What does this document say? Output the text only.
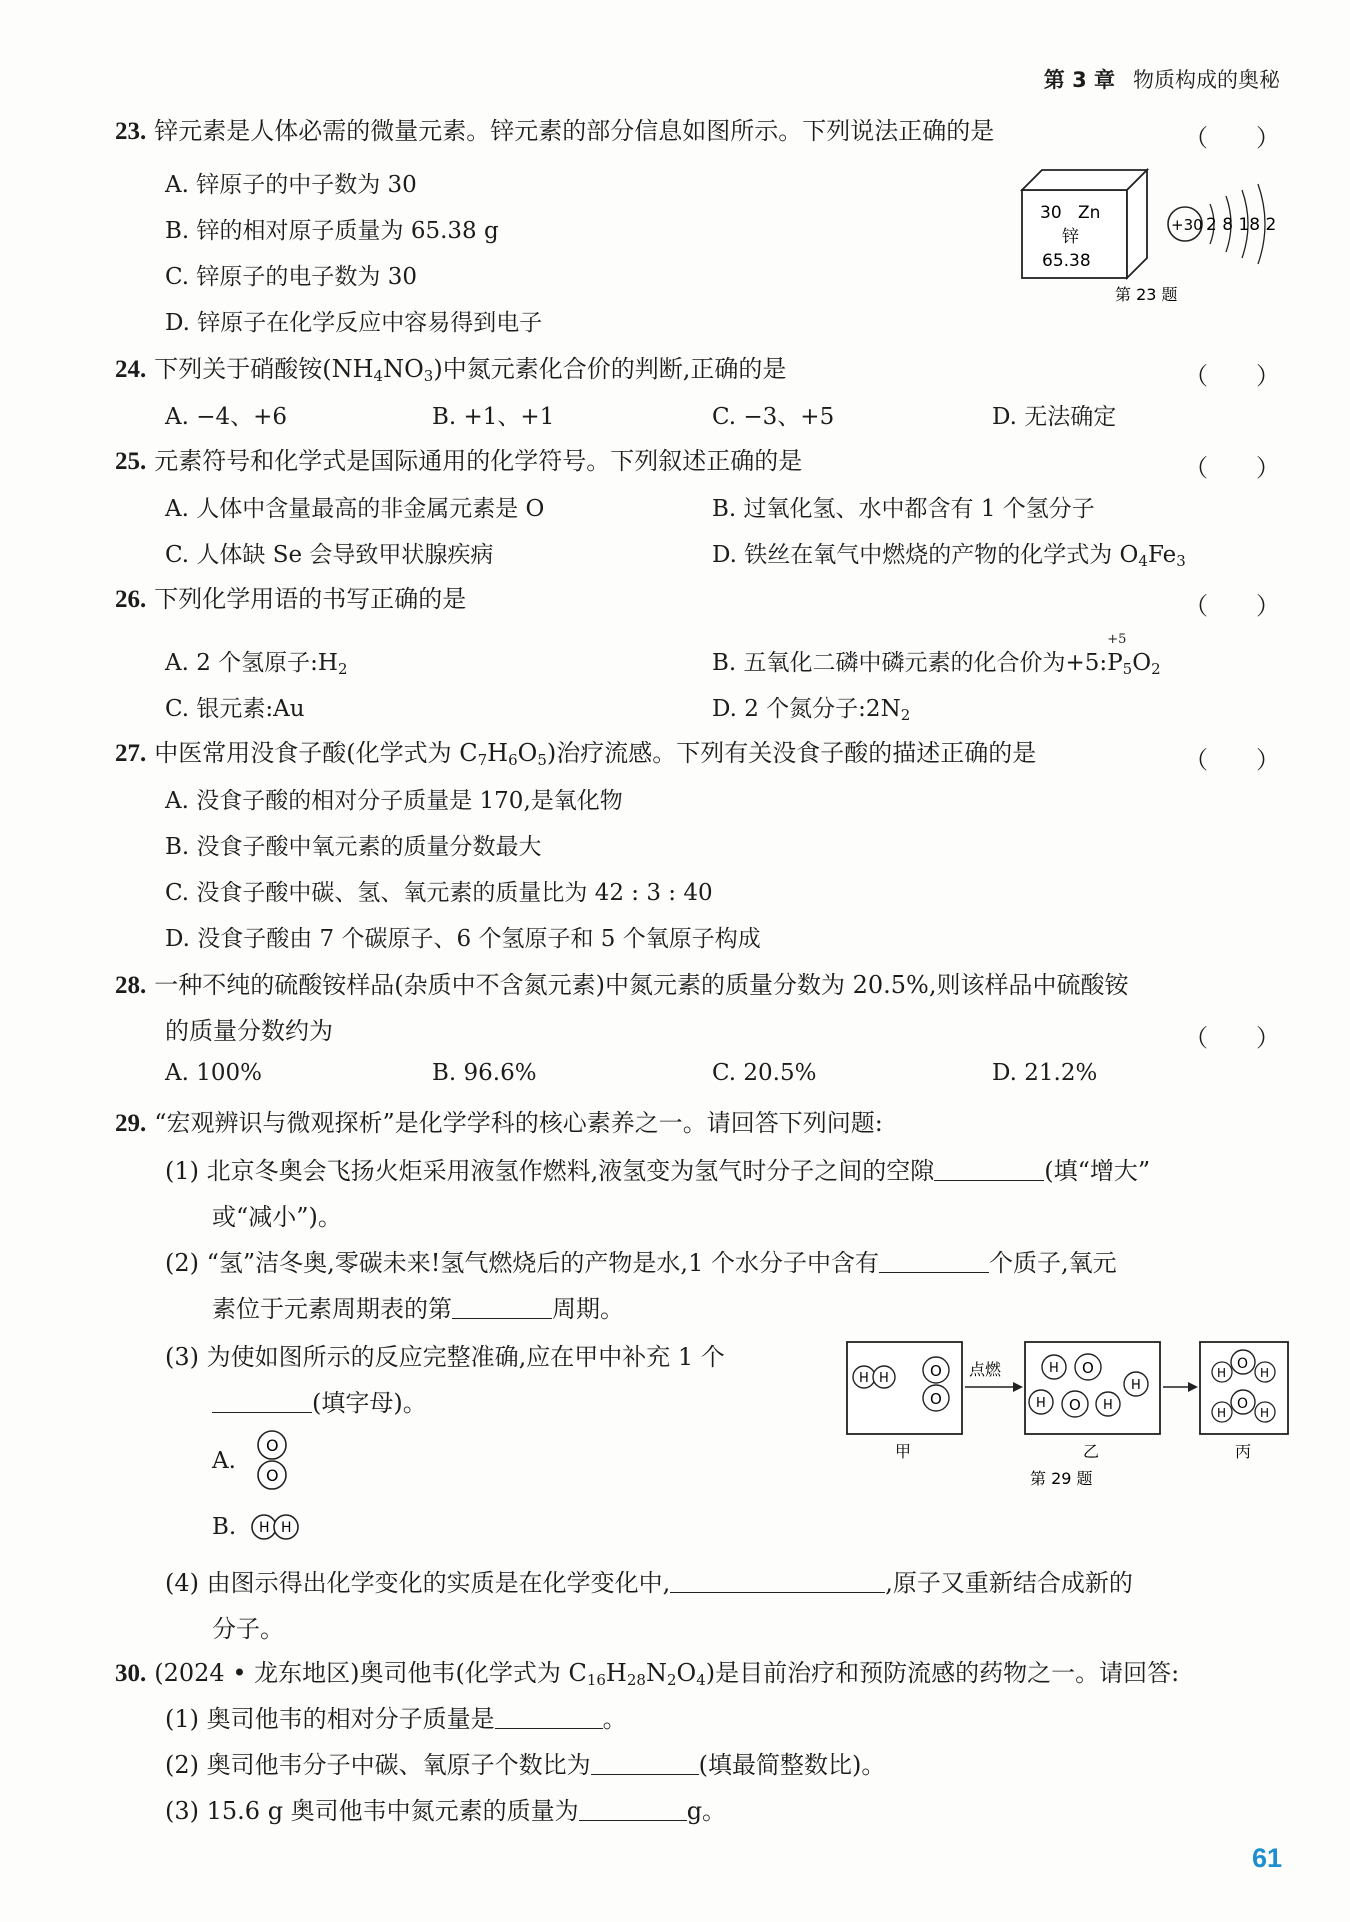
第 3 章 物质构成的奥秘
23. 锌元素是人体必需的微量元素。锌元素的部分信息如图所示。下列说法正确的是	（　　）
A. 锌原子的中子数为 30
B. 锌的相对原子质量为 65.38 g
C. 锌原子的电子数为 30
D. 锌原子在化学反应中容易得到电子
30 Zn
锌
65.38
+30 2 8 18 2
第 23 题
24. 下列关于硝酸铵$(NH_4NO_3)$中氮元素化合价的判断,正确的是	（　　）
A. −4、+6	B. +1、+1	C. −3、+5	D. 无法确定
25. 元素符号和化学式是国际通用的化学符号。下列叙述正确的是	（　　）
A. 人体中含量最高的非金属元素是 O	B. 过氧化氢、水中都含有 1 个氢分子
C. 人体缺 Se 会导致甲状腺疾病	D. 铁丝在氧气中燃烧的产物的化学式为 $O_4Fe_3$
26. 下列化学用语的书写正确的是	（　　）
A. 2 个氢原子$:H_2$	B. 五氧化二磷中磷元素的化合价为+5:
+5
$P_5O_2$
C. 银元素:Au	D. 2 个氮分子$:2N_2$
27. 中医常用没食子酸(化学式为 $C_7H_6O_5$)治疗流感。下列有关没食子酸的描述正确的是	（　　）
A. 没食子酸的相对分子质量是 170,是氧化物
B. 没食子酸中氧元素的质量分数最大
C. 没食子酸中碳、氢、氧元素的质量比为 42 : 3 : 40
D. 没食子酸由 7 个碳原子、6 个氢原子和 5 个氧原子构成
28. 一种不纯的硫酸铵样品(杂质中不含氮元素)中氮元素的质量分数为 20.5%,则该样品中硫酸铵
的质量分数约为	（　　）
A. 100%	B. 96.6%	C. 20.5%	D. 21.2%
29. “宏观辨识与微观探析”是化学学科的核心素养之一。请回答下列问题:
(1) 北京冬奥会飞扬火炬采用液氢作燃料,液氢变为氢气时分子之间的空隙	(填“增大”
或“减小”)。
(2) “氢”洁冬奥,零碳未来!氢气燃烧后的产物是水,1 个水分子中含有	个质子,氧元
素位于元素周期表的第	周期。
(3) 为使如图所示的反应完整准确,应在甲中补充 1 个
(填字母)。
A.
O
O
B. H H
H H	O
O
点燃	H O
H
H O H
O
H	H
O
H	H
甲	乙	丙
第 29 题
(4) 由图示得出化学变化的实质是在化学变化中,	,原子又重新结合成新的
分子。
30. (2024 • 龙东地区)奥司他韦(化学式为 $C_{16}H_{28}N_2O_4$)是目前治疗和预防流感的药物之一。请回答:
(1) 奥司他韦的相对分子质量是	。
(2) 奥司他韦分子中碳、氧原子个数比为	(填最简整数比)。
(3) 15.6 g 奥司他韦中氮元素的质量为	g。
61
